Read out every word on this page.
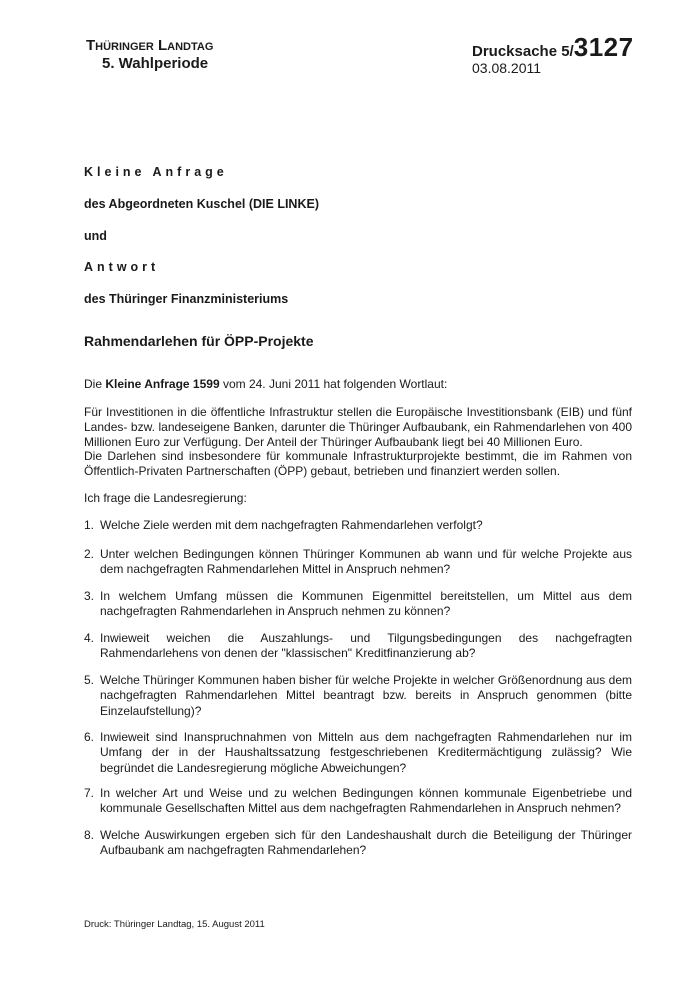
Thüringer Landtag
5. Wahlperiode
Drucksache 5/3127
03.08.2011
Kleine Anfrage
des Abgeordneten Kuschel (DIE LINKE)
und
Antwort
des Thüringer Finanzministeriums
Rahmendarlehen für ÖPP-Projekte
Die Kleine Anfrage 1599 vom 24. Juni 2011 hat folgenden Wortlaut:
Für Investitionen in die öffentliche Infrastruktur stellen die Europäische Investitionsbank (EIB) und fünf Landes- bzw. landeseigene Banken, darunter die Thüringer Aufbaubank, ein Rahmendarlehen von 400 Millionen Euro zur Verfügung. Der Anteil der Thüringer Aufbaubank liegt bei 40 Millionen Euro.
Die Darlehen sind insbesondere für kommunale Infrastrukturprojekte bestimmt, die im Rahmen von Öffentlich-Privaten Partnerschaften (ÖPP) gebaut, betrieben und finanziert werden sollen.
Ich frage die Landesregierung:
1. Welche Ziele werden mit dem nachgefragten Rahmendarlehen verfolgt?
2. Unter welchen Bedingungen können Thüringer Kommunen ab wann und für welche Projekte aus dem nachgefragten Rahmendarlehen Mittel in Anspruch nehmen?
3. In welchem Umfang müssen die Kommunen Eigenmittel bereitstellen, um Mittel aus dem nachgefragten Rahmendarlehen in Anspruch nehmen zu können?
4. Inwieweit weichen die Auszahlungs- und Tilgungsbedingungen des nachgefragten Rahmendarlehens von denen der "klassischen" Kreditfinanzierung ab?
5. Welche Thüringer Kommunen haben bisher für welche Projekte in welcher Größenordnung aus dem nachgefragten Rahmendarlehen Mittel beantragt bzw. bereits in Anspruch genommen (bitte Einzelaufstellung)?
6. Inwieweit sind Inanspruchnahmen von Mitteln aus dem nachgefragten Rahmendarlehen nur im Umfang der in der Haushaltssatzung festgeschriebenen Kreditermächtigung zulässig? Wie begründet die Landesregierung mögliche Abweichungen?
7. In welcher Art und Weise und zu welchen Bedingungen können kommunale Eigenbetriebe und kommunale Gesellschaften Mittel aus dem nachgefragten Rahmendarlehen in Anspruch nehmen?
8. Welche Auswirkungen ergeben sich für den Landeshaushalt durch die Beteiligung der Thüringer Aufbaubank am nachgefragten Rahmendarlehen?
Druck: Thüringer Landtag, 15. August 2011
